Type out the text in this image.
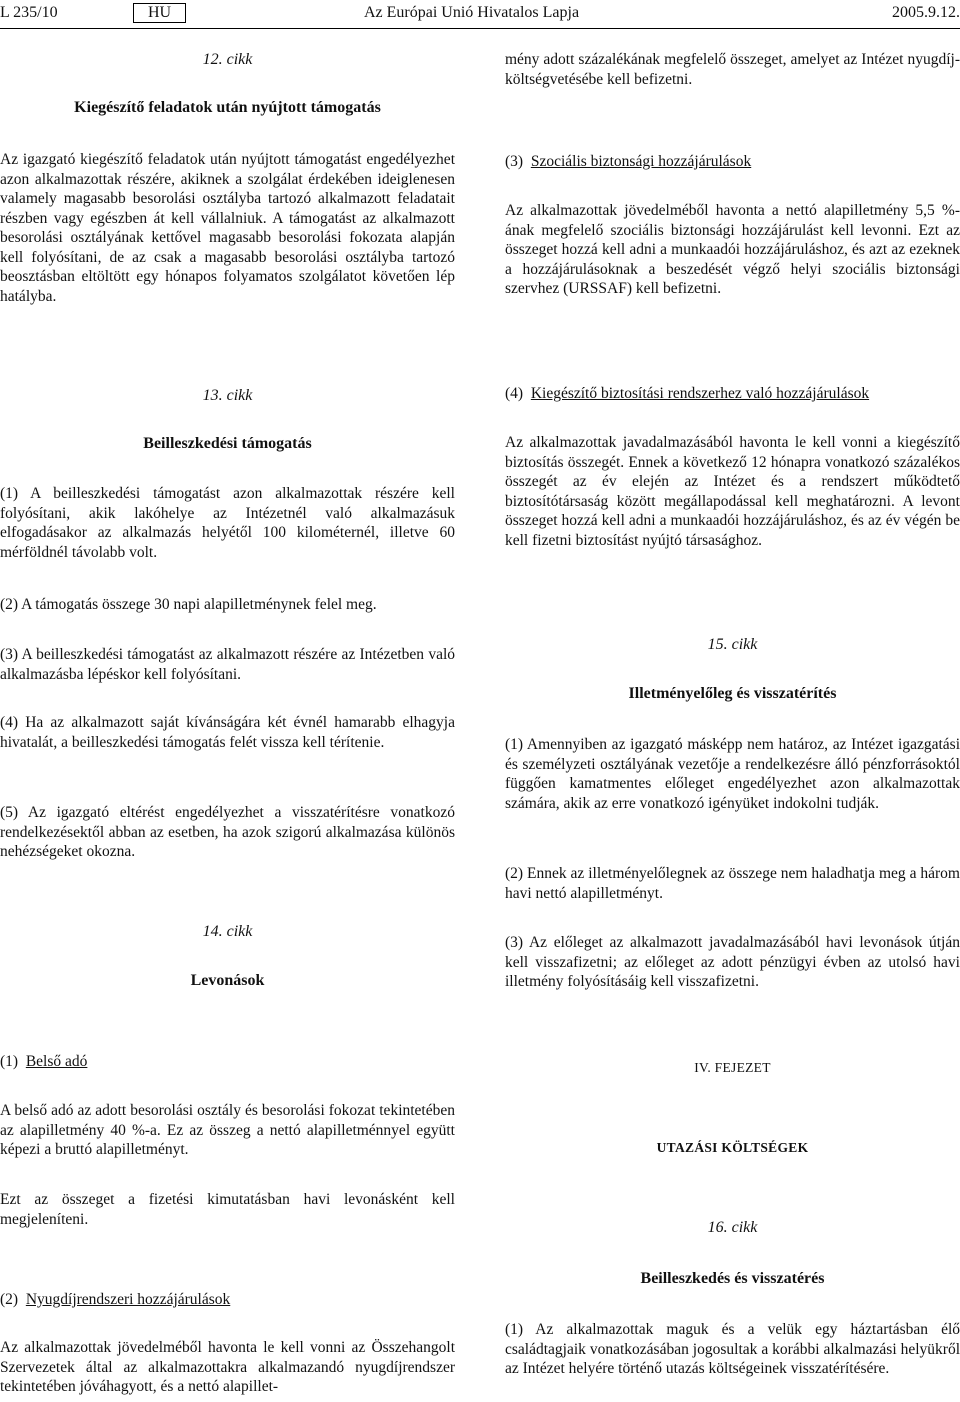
L 235/10	HU	Az Európai Unió Hivatalos Lapja	2005.9.12.

12. cikk

Kiegészítő feladatok után nyújtott támogatás

Az igazgató kiegészítő feladatok után nyújtott támogatást engedélyezhet azon alkalmazottak részére, akiknek a szolgálat érdekében ideiglenesen valamely magasabb besorolási osztályba tartozó alkalmazott feladatait részben vagy egészben át kell vállalniuk. A támogatást az alkalmazott besorolási osztályának kettővel magasabb besorolási fokozata alapján kell folyósítani, de az csak a magasabb besorolási osztályba tartozó beosztásban eltöltött egy hónapos folyamatos szolgálatot követően lép hatályba.

13. cikk

Beilleszkedési támogatás

(1) A beilleszkedési támogatást azon alkalmazottak részére kell folyósítani, akik lakóhelye az Intézetnél való alkalmazásuk elfogadásakor az alkalmazás helyétől 100 kilométernél, illetve 60 mérföldnél távolabb volt.

(2) A támogatás összege 30 napi alapilletménynek felel meg.

(3) A beilleszkedési támogatást az alkalmazott részére az Intézetben való alkalmazásba lépéskor kell folyósítani.

(4) Ha az alkalmazott saját kívánságára két évnél hamarabb elhagyja hivatalát, a beilleszkedési támogatás felét vissza kell térítenie.

(5) Az igazgató eltérést engedélyezhet a visszatérítésre vonatkozó rendelkezésektől abban az esetben, ha azok szigorú alkalmazása különös nehézségeket okozna.

14. cikk

Levonások

(1) Belső adó

A belső adó az adott besorolási osztály és besorolási fokozat tekintetében az alapilletmény 40 %-a. Ez az összeg a nettó alapilletménnyel együtt képezi a bruttó alapilletményt.

Ezt az összeget a fizetési kimutatásban havi levonásként kell megjeleníteni.

(2) Nyugdíjrendszeri hozzájárulások

Az alkalmazottak jövedelméből havonta le kell vonni az Összehangolt Szervezetek által az alkalmazottakra alkalmazandó nyugdíjrendszer tekintetében jóváhagyott, és a nettó alapillet-

mény adott százalékának megfelelő összeget, amelyet az Intézet nyugdíj-költségvetésébe kell befizetni.

(3) Szociális biztonsági hozzájárulások

Az alkalmazottak jövedelméből havonta a nettó alapilletmény 5,5 %-ának megfelelő szociális biztonsági hozzájárulást kell levonni. Ezt az összeget hozzá kell adni a munkaadói hozzájáruláshoz, és azt az ezeknek a hozzájárulásoknak a beszedését végző helyi szociális biztonsági szervhez (URSSAF) kell befizetni.

(4) Kiegészítő biztosítási rendszerhez való hozzájárulások

Az alkalmazottak javadalmazásából havonta le kell vonni a kiegészítő biztosítás összegét. Ennek a következő 12 hónapra vonatkozó százalékos összegét az év elején az Intézet és a rendszert működtető biztosítótársaság között megállapodással kell meghatározni. A levont összeget hozzá kell adni a munkaadói hozzájáruláshoz, és az év végén be kell fizetni biztosítást nyújtó társasághoz.

15. cikk

Illetményelőleg és visszatérítés

(1) Amennyiben az igazgató másképp nem határoz, az Intézet igazgatási és személyzeti osztályának vezetője a rendelkezésre álló pénzforrásoktól függően kamatmentes előleget engedélyezhet azon alkalmazottak számára, akik az erre vonatkozó igényüket indokolni tudják.

(2) Ennek az illetményelőlegnek az összege nem haladhatja meg a három havi nettó alapilletményt.

(3) Az előleget az alkalmazott javadalmazásából havi levonások útján kell visszafizetni; az előleget az adott pénzügyi évben az utolsó havi illetmény folyósításáig kell visszafizetni.

IV. FEJEZET

UTAZÁSI KÖLTSÉGEK

16. cikk

Beilleszkedés és visszatérés

(1) Az alkalmazottak maguk és a velük egy háztartásban élő családtagjaik vonatkozásában jogosultak a korábbi alkalmazási helyükről az Intézet helyére történő utazás költségeinek visszatérítésére.
